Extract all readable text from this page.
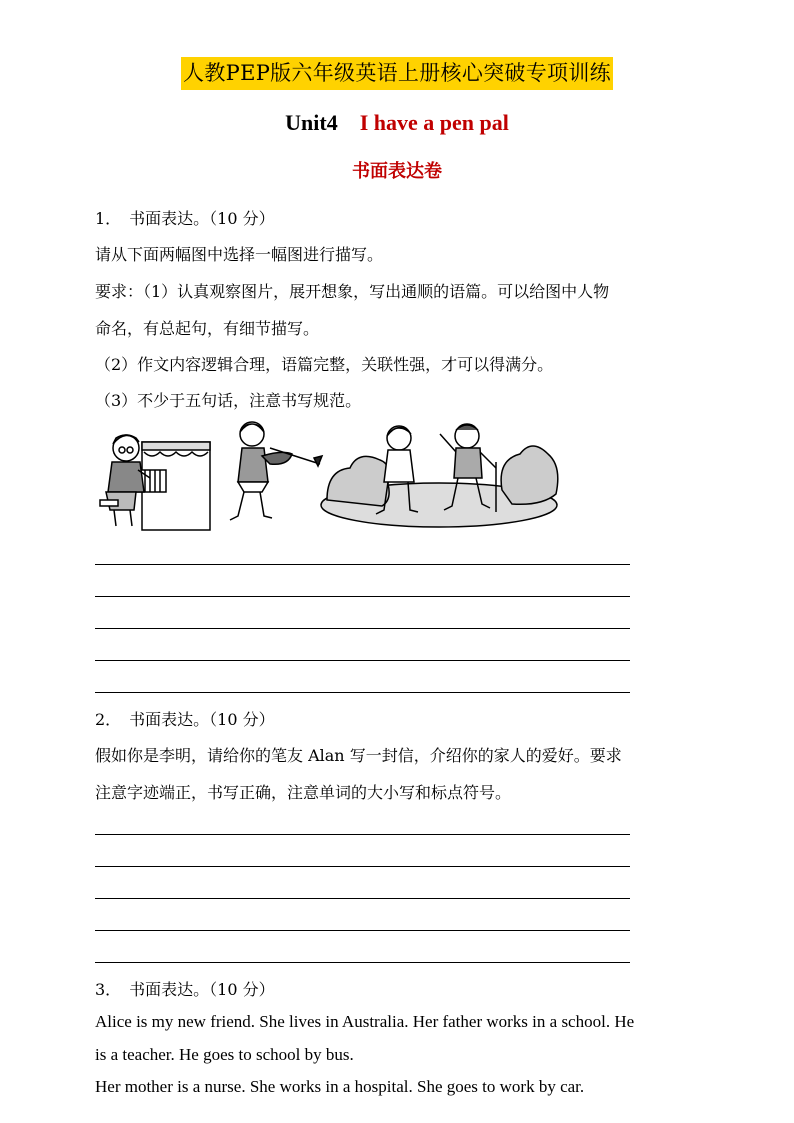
人教PEP版六年级英语上册核心突破专项训练
Unit4 I have a pen pal
书面表达卷
1．　书面表达。（10 分）
请从下面两幅图中选择一幅图进行描写。
要求：（1）认真观察图片，展开想象，写出通顺的语篇。可以给图中人物
命名，有总起句，有细节描写。
（2）作文内容逻辑合理，语篇完整，关联性强，才可以得满分。
（3）不少于五句话，注意书写规范。
2．　书面表达。（10 分）
假如你是李明，请给你的笔友 Alan 写一封信，介绍你的家人的爱好。要求
注意字迹端正，书写正确，注意单词的大小写和标点符号。
3．　书面表达。（10 分）
Alice is my new friend. She lives in Australia. Her father works in a school. He
is a teacher. He goes to school by bus.
Her mother is a nurse. She works in a hospital. She goes to work by car.
